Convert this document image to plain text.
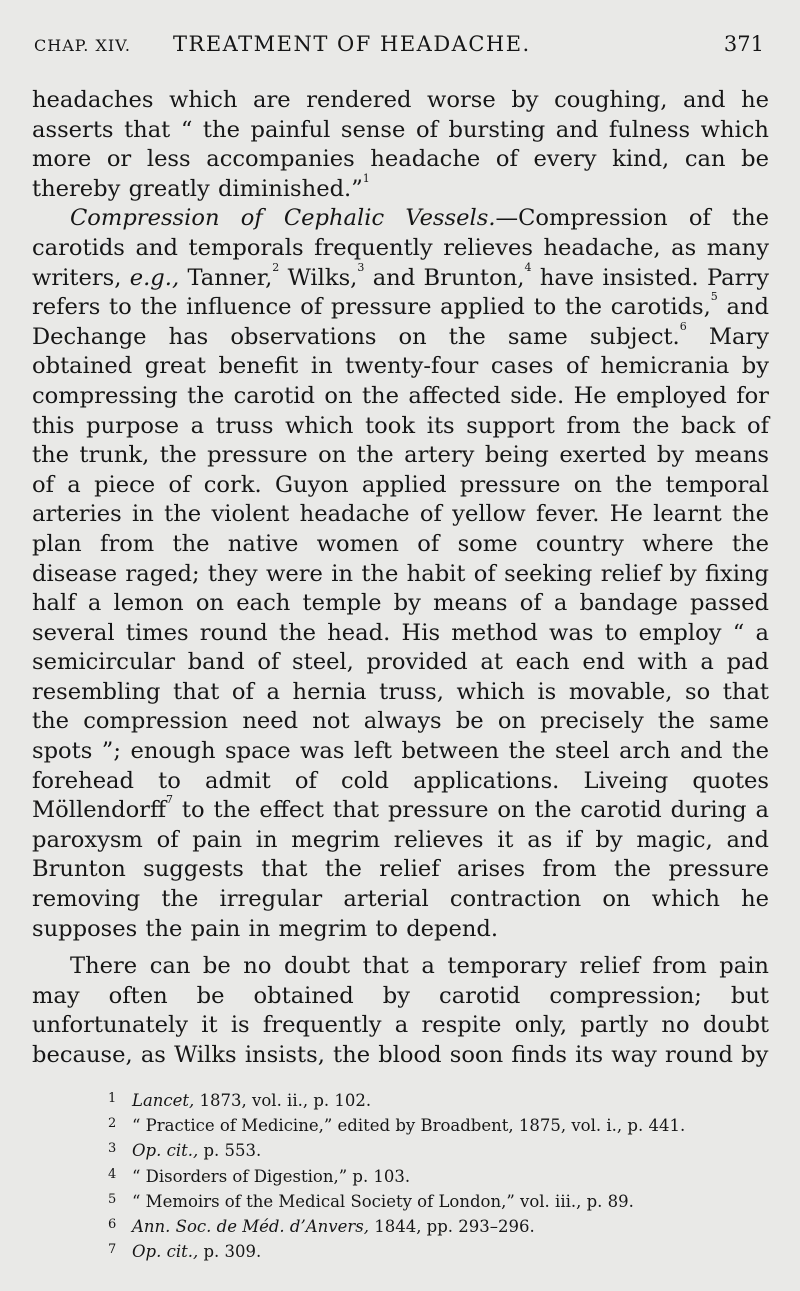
CHAP. XIV.	TREATMENT OF HEADACHE.	371

headaches which are rendered worse by coughing, and he asserts that “ the painful sense of bursting and fulness which more or less accompanies headache of every kind, can be thereby greatly diminished.”$^1$

Compression of Cephalic Vessels.—Compression of the carotids and temporals frequently relieves headache, as many writers, e.g., Tanner,$^2$ Wilks,$^3$ and Brunton,$^4$ have insisted. Parry refers to the influence of pressure applied to the carotids,$^5$ and Dechange has observations on the same subject.$^6$ Mary obtained great benefit in twenty-four cases of hemicrania by compressing the carotid on the affected side. He employed for this purpose a truss which took its support from the back of the trunk, the pressure on the artery being exerted by means of a piece of cork. Guyon applied pressure on the temporal arteries in the violent headache of yellow fever. He learnt the plan from the native women of some country where the disease raged; they were in the habit of seeking relief by fixing half a lemon on each temple by means of a bandage passed several times round the head. His method was to employ “ a semicircular band of steel, provided at each end with a pad resembling that of a hernia truss, which is movable, so that the compression need not always be on precisely the same spots ”; enough space was left between the steel arch and the forehead to admit of cold applications. Liveing quotes Möllendorff$^7$ to the effect that pressure on the carotid during a paroxysm of pain in megrim relieves it as if by magic, and Brunton suggests that the relief arises from the pressure removing the irregular arterial contraction on which he supposes the pain in megrim to depend.

There can be no doubt that a temporary relief from pain may often be obtained by carotid compression; but unfortunately it is frequently a respite only, partly no doubt because, as Wilks insists, the blood soon finds its way round by

1 Lancet, 1873, vol. ii., p. 102.
2 “ Practice of Medicine,” edited by Broadbent, 1875, vol. i., p. 441.
3 Op. cit., p. 553.
4 “ Disorders of Digestion,” p. 103.
5 “ Memoirs of the Medical Society of London,” vol. iii., p. 89.
6 Ann. Soc. de Méd. d’Anvers, 1844, pp. 293–296.
7 Op. cit., p. 309.
